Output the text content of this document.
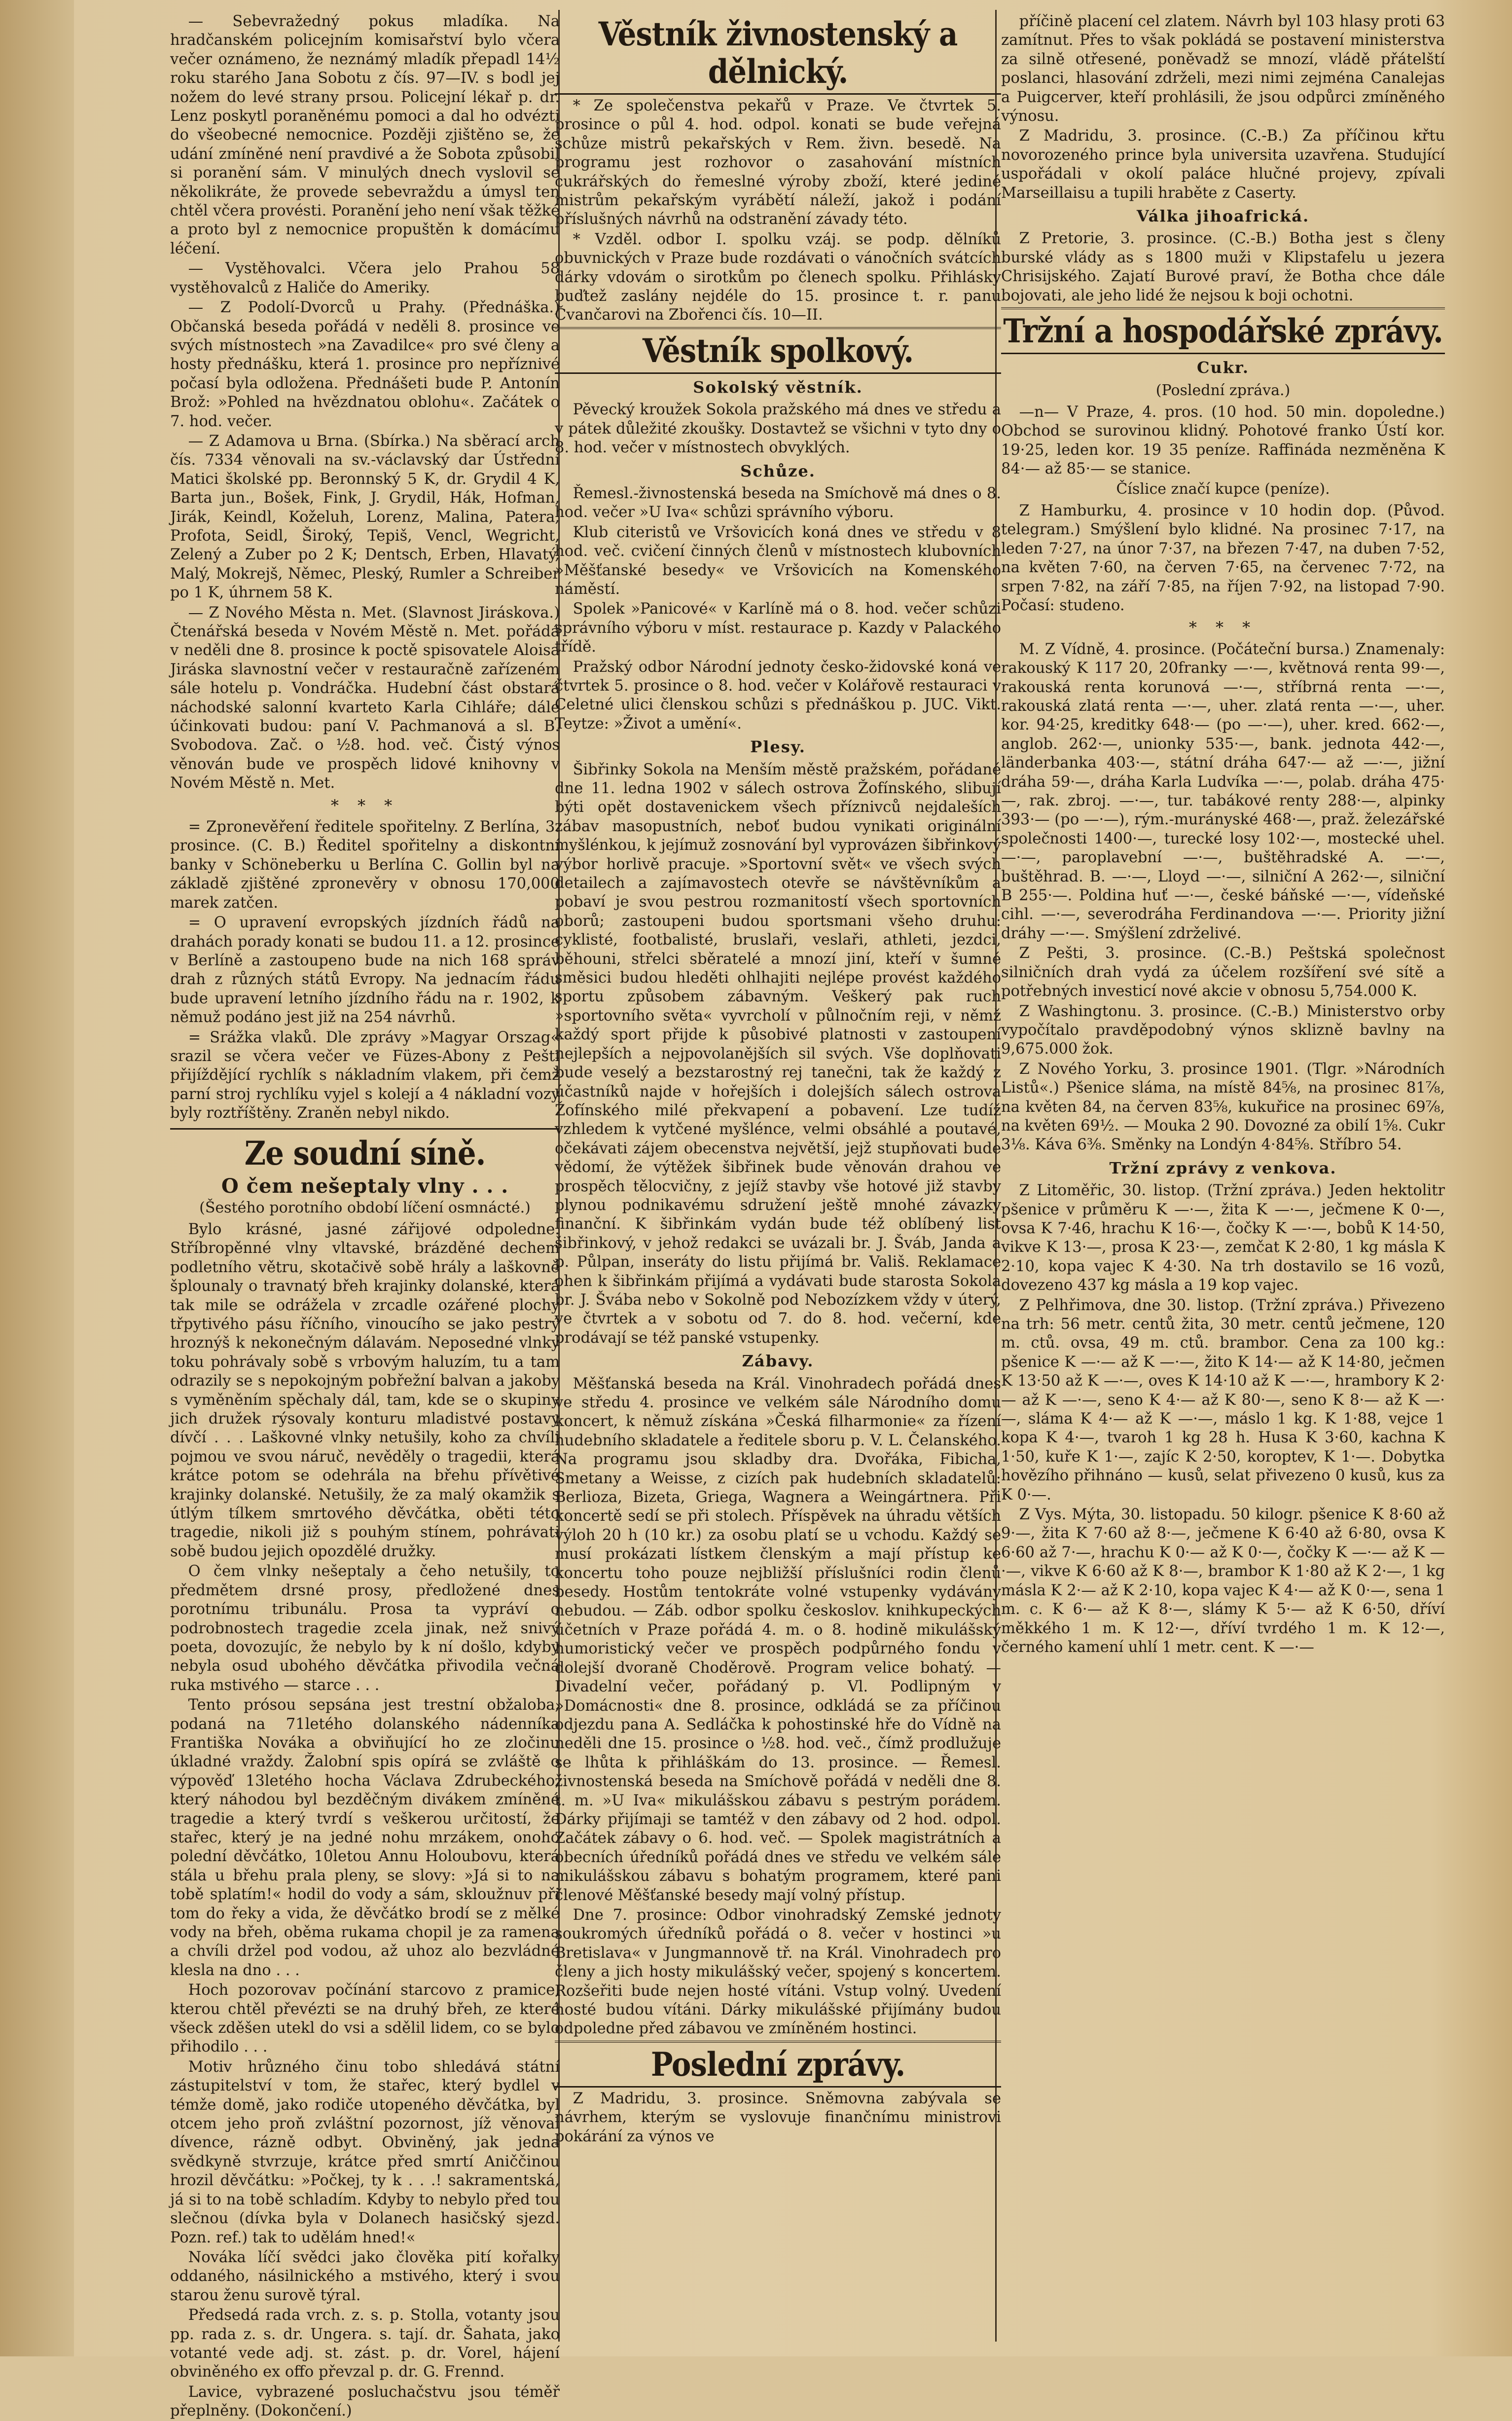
— Sebevražedný pokus mladíka. Na hradčanském policejním komisařství bylo včera večer oznámeno, že neznámý mladík přepadl 14½ roku starého Jana Sobotu z čís. 97—IV. s bodl jej nožem do levé strany prsou. Policejní lékař p. dr. Lenz poskytl poraněnému pomoci a dal ho odvézti do všeobecné nemocnice. Později zjištěno se, že udání zmíněné není pravdivé a že Sobota způsobil si poranění sám. V minulých dnech vyslovil se několikráte, že provede sebevraždu a úmysl ten chtěl včera provésti. Poranění jeho není však těžké a proto byl z nemocnice propuštěn k domácímu léčení.

— Vystěhovalci. Včera jelo Prahou 58 vystěhovalců z Haliče do Ameriky.

— Z Podolí-Dvorců u Prahy. (Přednáška.) Občanská beseda pořádá v neděli 8. prosince ve svých místnostech »na Zavadilce« pro své členy a hosty přednášku, která 1. prosince pro nepříznivé počasí byla odložena. Přednášeti bude P. Antonín Brož: »Pohled na hvězdnatou oblohu«. Začátek o 7. hod. večer.

— Z Adamova u Brna. (Sbírka.) Na sběrací arch čís. 7334 věnovali na sv.-václavský dar Ústřední Matici školské pp. Beronnský 5 K, dr. Grydil 4 K, Barta jun., Bošek, Fink, J. Grydil, Hák, Hofman, Jirák, Keindl, Koželuh, Lorenz, Malina, Patera, Profota, Seidl, Široký, Tepiš, Vencl, Wegricht, Zelený a Zuber po 2 K; Dentsch, Erben, Hlavatý, Malý, Mokrejš, Němec, Pleský, Rumler a Schreiber po 1 K, úhrnem 58 K.

— Z Nového Města n. Met. (Slavnost Jiráskova.) Čtenářská beseda v Novém Městě n. Met. pořádá v neděli dne 8. prosince k poctě spisovatele Aloisa Jiráska slavnostní večer v restauračně zařízeném sále hotelu p. Vondráčka. Hudební část obstará náchodské salonní kvarteto Karla Cihláře; dále účinkovati budou: paní V. Pachmanová a sl. B. Svobodova. Zač. o ½8. hod. več. Čistý výnos věnován bude ve prospěch lidové knihovny v Novém Městě n. Met.

* * *

= Zpronevěření ředitele spořitelny. Z Berlína, 3. prosince. (C. B.) Ředitel spořitelny a diskontní banky v Schöneberku u Berlína C. Gollin byl na základě zjištěné zpronevěry v obnosu 170,000 marek zatčen.

= O upravení evropských jízdních řádů na drahách porady konati se budou 11. a 12. prosince v Berlíně a zastoupeno bude na nich 168 správ drah z různých států Evropy. Na jednacím řádu bude upravení letního jízdního řádu na r. 1902, k němuž podáno jest již na 254 návrhů.

= Srážka vlaků. Dle zprávy »Magyar Orszag« srazil se včera večer ve Füzes-Abony z Pešti přijíždějící rychlík s nákladním vlakem, při čemž parní stroj rychlíku vyjel s kolejí a 4 nákladní vozy byly roztříštěny. Zraněn nebyl nikdo.

Ze soudní síně.
O čem nešeptaly vlny . . .
(Šestého porotního období líčení osmnácté.)

Bylo krásné, jasné zářijové odpoledne. Stříbropěnné vlny vltavské, brázděné dechem podletního větru, skotačivě sobě hrály a laškovně šplounaly o travnatý břeh krajinky dolanské, která tak mile se odrážela v zrcadle ozářené plochy třpytivého pásu říčního, vinoucího se jako pestrý hroznýš k nekonečným dálavám. Neposedné vlnky toku pohrávaly sobě s vrbovým haluzím, tu a tam odrazily se s nepokojným pobřežní balvan a jakoby s vyměněním spěchaly dál, tam, kde se o skupiny jich družek rýsovaly konturu mladistvé postavy dívčí . . . Laškovné vlnky netušily, koho za chvíli pojmou ve svou náruč, nevěděly o tragedii, která krátce potom se odehrála na břehu přívětivé krajinky dolanské. Netušily, že za malý okamžik s útlým tílkem smrtového děvčátka, oběti této tragedie, nikoli již s pouhým stínem, pohrávati sobě budou jejich opozdělé družky.

O čem vlnky nešeptaly a čeho netušily, to předmětem drsné prosy, předložené dnes porotnímu tribunálu. Prosa ta vypráví o podrobnostech tragedie zcela jinak, než snivý poeta, dovozujíc, že nebylo by k ní došlo, kdyby nebyla osud ubohého děvčátka přivodila večná ruka mstivého — starce . . .

Tento prósou sepsána jest trestní obžaloba, podaná na 71letého dolanského nádenníka Františka Nováka a obviňující ho ze zločinu úkladné vraždy. Žalobní spis opírá se zvláště o výpověď 13letého hocha Václava Zdrubeckého, který náhodou byl bezděčným divákem zmíněné tragedie a který tvrdí s veškerou určitostí, že stařec, který je na jedné nohu mrzákem, onoho polední děvčátko, 10letou Annu Holoubovu, která stála u břehu prala pleny, se slovy: »Já si to na tobě splatím!« hodil do vody a sám, skloužnuv při tom do řeky a vida, že děvčátko brodí se z mělké vody na břeh, oběma rukama chopil je za ramena a chvíli držel pod vodou, až uhoz alo bezvládné klesla na dno . . .

Hoch pozorovav počínání starcovo z pramice, kterou chtěl převézti se na druhý břeh, ze které všeck zděšen utekl do vsi a sdělil lidem, co se bylo přihodilo . . .

Motiv hrůzného činu tobo shledává státní zástupitelství v tom, že stařec, který bydlel v témže domě, jako rodiče utopeného děvčátka, byl otcem jeho proň zvláštní pozornost, jíž věnoval dívence, rázně odbyt. Obviněný, jak jedna svědkyně stvrzuje, krátce před smrtí Aniččinou hrozil děvčátku: »Počkej, ty k . . .! sakramentská, já si to na tobě schladím. Kdyby to nebylo před tou slečnou (dívka byla v Dolanech hasičský sjezd. Pozn. ref.) tak to udělám hned!«

Nováka líčí svědci jako člověka pití kořalky oddaného, násilnického a mstivého, který i svou starou ženu surově týral.

Předsedá rada vrch. z. s. p. Stolla, votanty jsou pp. rada z. s. dr. Ungera. s. tají. dr. Šahata, jako votanté vede adj. st. zást. p. dr. Vorel, hájení obviněného ex offo převzal p. dr. G. Frennd.

Lavice, vybrazené posluchačstvu jsou téměř přeplněny. (Dokončení.)

Věstník živnostenský a dělnický.

* Ze společenstva pekařů v Praze. Ve čtvrtek 5. prosince o půl 4. hod. odpol. konati se bude veřejná schůze mistrů pekařských v Rem. živn. besedě. Na programu jest rozhovor o zasahování místních cukrářských do řemeslné výroby zboží, které jediné mistrům pekařským vyrábětí náleží, jakož i podání příslušných návrhů na odstranění závady této.

* Vzděl. odbor I. spolku vzáj. se podp. dělníků obuvnických v Praze bude rozdávati o vánočních svátcích dárky vdovám o sirotkům po členech spolku. Přihlásky buďtež zaslány nejdéle do 15. prosince t. r. panu Čvančarovi na Zbořenci čís. 10—II.

Věstník spolkový.
Sokolský věstník.

Pěvecký kroužek Sokola pražského má dnes ve středu a v pátek důležité zkoušky. Dostavtež se všichni v tyto dny o 8. hod. večer v místnostech obvyklých.

Schůze.

Řemesl.-živnostenská beseda na Smíchově má dnes o 8. hod. večer »U Iva« schůzi správního výboru.

Klub citeristů ve Vršovicích koná dnes ve středu v 8 hod. več. cvičení činných členů v místnostech klubovních »Měšťanské besedy« ve Vršovicích na Komenského náměstí.

Spolek »Panicové« v Karlíně má o 8. hod. večer schůzi správního výboru v míst. restaurace p. Kazdy v Palackého třídě.

Pražský odbor Národní jednoty česko-židovské koná ve čtvrtek 5. prosince o 8. hod. večer v Kolářově restauraci v Celetné ulici členskou schůzi s přednáškou p. JUC. Vikt. Teytze: »Život a umění«.

Plesy.

Šibřinky Sokola na Menším městě pražském, pořádané dne 11. ledna 1902 v sálech ostrova Žofínského, slibují býti opět dostavenickem všech příznivců nejdaleších zábav masopustních, neboť budou vynikati originální myšlénkou, k jejímuž zosnování byl vyprovázen šibřinkový výbor horlivě pracuje. »Sportovní svět« ve všech svých detailech a zajímavostech otevře se návštěvníkům a pobaví je svou pestrou rozmanitostí všech sportovních oborů; zastoupeni budou sportsmani všeho druhu: cyklisté, footbalisté, bruslaři, veslaři, athleti, jezdci, běhouni, střelci sběratelé a mnozí jiní, kteří v šumné směsici budou hleděti ohlhajiti nejlépe provést každého sportu způsobem zábavným. Veškerý pak ruch »sportovního světa« vyvrcholí v půlnočním reji, v němž každý sport přijde k působivé platnosti v zastoupení nejlepších a nejpovolanějších sil svých. Vše doplňovati bude veselý a bezstarostný rej tanečni, tak že každý z účastníků najde v hořejších i dolejších sálech ostrova Žofínského milé překvapení a pobavení. Lze tudíž vzhledem k vytčené myšlénce, velmi obsáhlé a poutavé, očekávati zájem obecenstva největší, jejž stupňovati bude vědomí, že výtěžek šibřinek bude věnován drahou ve prospěch tělocvičny, z jejíž stavby vše hotové již stavby plynou podnikavému sdružení ještě mnohé závazky finanční. K šibřinkám vydán bude též oblíbený list šibřinkový, v jehož redakci se uvázali br. J. Šváb, Janda a p. Půlpan, inseráty do listu přijímá br. Vališ. Reklamace ohen k šibřinkám přijímá a vydávati bude starosta Sokola br. J. Švába nebo v Sokolně pod Nebozízkem vždy v úterý, ve čtvrtek a v sobotu od 7. do 8. hod. večerní, kde prodávají se též panské vstupenky.

Zábavy.

Měšťanská beseda na Král. Vinohradech pořádá dnes ve středu 4. prosince ve velkém sále Národního domu koncert, k němuž získána »Česká filharmonie« za řízení hudebního skladatele a ředitele sboru p. V. L. Čelanského. Na programu jsou skladby dra. Dvořáka, Fibicha, Smetany a Weisse, z cizích pak hudebních skladatelů: Berlioza, Bizeta, Griega, Wagnera a Weingártnera. Při koncertě sedí se při stolech. Příspěvek na úhradu větších výloh 20 h (10 kr.) za osobu platí se u vchodu. Každý se musí prokázati lístkem členským a mají přístup ke koncertu toho pouze nejbližší příslušníci rodin členů besedy. Hostům tentokráte volné vstupenky vydávány nebudou. — Záb. odbor spolku českoslov. knihkupeckých účetních v Praze pořádá 4. m. o 8. hodině mikulášský humoristický večer ve prospěch podpůrného fondu v dolejší dvoraně Choděrově. Program velice bohatý. — Divadelní večer, pořádaný p. Vl. Podlipným v »Domácnosti« dne 8. prosince, odkládá se za příčinou odjezdu pana A. Sedláčka k pohostinské hře do Vídně na neděli dne 15. prosince o ½8. hod. več., čímž prodlužuje se lhůta k přihláškám do 13. prosince. — Řemesl. živnostenská beseda na Smíchově pořádá v neděli dne 8. t. m. »U Iva« mikulášskou zábavu s pestrým porádem. Dárky přijímaji se tamtéž v den zábavy od 2 hod. odpol. Začátek zábavy o 6. hod. več. — Spolek magistrátních a obecních úředníků pořádá dnes ve středu ve velkém sále mikulášskou zábavu s bohatým programem, které pani členové Měšťanské besedy mají volný přístup.

Dne 7. prosince: Odbor vinohradský Zemské jednoty soukromých úředníků pořádá o 8. večer v hostinci »u Bretislava« v Jungmannově tř. na Král. Vinohradech pro členy a jich hosty mikulášský večer, spojený s koncertem. Rozšeřiti bude nejen hosté vítáni. Vstup volný. Uvedení hosté budou vítáni. Dárky mikulášské přijímány budou odpoledne před zábavou ve zmíněném hostinci.

Poslední zprávy.

Z Madridu, 3. prosince. Sněmovna zabývala se návrhem, kterým se vyslovuje finančnímu ministrovi pokárání za výnos ve

příčině placení cel zlatem. Návrh byl 103 hlasy proti 63 zamítnut. Přes to však pokládá se postavení ministerstva za silně otřesené, poněvadž se mnozí, vládě přátelští poslanci, hlasování zdrželi, mezi nimi zejména Canalejas a Puigcerver, kteří prohlásili, že jsou odpůrci zmíněného výnosu.

Z Madridu, 3. prosince. (C.-B.) Za příčinou křtu novorozeného prince byla universita uzavřena. Studující uspořádali v okolí paláce hlučné projevy, zpívali Marseillaisu a tupili hraběte z Caserty.

Válka jihoafrická.

Z Pretorie, 3. prosince. (C.-B.) Botha jest s členy burské vlády as s 1800 muži v Klipstafelu u jezera Chrisijského. Zajatí Burové praví, že Botha chce dále bojovati, ale jeho lidé že nejsou k boji ochotni.

Tržní a hospodářské zprávy.
Cukr.
(Poslední zpráva.)

—n— V Praze, 4. pros. (10 hod. 50 min. dopoledne.) Obchod se surovinou klidný. Pohotové franko Ústí kor. 19·25, leden kor. 19 35 peníze. Raffináda nezměněna K 84·— až 85·— se stanice.

Číslice značí kupce (peníze).

Z Hamburku, 4. prosince v 10 hodin dop. (Původ. telegram.) Smýšlení bylo klidné. Na prosinec 7·17, na leden 7·27, na únor 7·37, na březen 7·47, na duben 7·52, na květen 7·60, na červen 7·65, na červenec 7·72, na srpen 7·82, na září 7·85, na říjen 7·92, na listopad 7·90. Počasí: studeno.

* * *

M. Z Vídně, 4. prosince. (Počáteční bursa.) Znamenaly: rakouský K 117 20, 20franky —·—, květnová renta 99·—, rakouská renta korunová —·—, stříbrná renta —·—, rakouská zlatá renta —·—, uher. zlatá renta —·—, uher. kor. 94·25, kreditky 648·— (po —·—), uher. kred. 662·—, anglob. 262·—, unionky 535·—, bank. jednota 442·—, länderbanka 403·—, státní dráha 647·— až —·—, jižní dráha 59·—, dráha Karla Ludvíka —·—, polab. dráha 475·—, rak. zbroj. —·—, tur. tabákové renty 288·—, alpinky 393·— (po —·—), rým.-murányské 468·—, praž. železářské společnosti 1400·—, turecké losy 102·—, mostecké uhel. —·—, paroplavební —·—, buštěhradské A. —·—, buštěhrad. B. —·—, Lloyd —·—, silniční A 262·—, silniční B 255·—. Poldina huť —·—, české báňské —·—, vídeňské cihl. —·—, severodráha Ferdinandova —·—. Priority jižní dráhy —·—. Smýšlení zdrželivé.

Z Pešti, 3. prosince. (C.-B.) Peštská společnost silničních drah vydá za účelem rozšíření své sítě a potřebných investicí nové akcie v obnosu 5,754.000 K.

Z Washingtonu. 3. prosince. (C.-B.) Ministerstvo orby vypočítalo pravděpodobný výnos sklizně bavlny na 9,675.000 žok.

Z Nového Yorku, 3. prosince 1901. (Tlgr. »Národních Listů«.) Pšenice sláma, na místě 84⅝, na prosinec 81⅞, na květen 84, na červen 83⅝, kukuřice na prosinec 69⅞, na květen 69½. — Mouka 2 90. Dovozné za obilí 1⅝. Cukr 3⅛. Káva 6⅜. Směnky na Londýn 4·84⅝. Stříbro 54.

Tržní zprávy z venkova.

Z Litoměřic, 30. listop. (Tržní zpráva.) Jeden hektolitr pšenice v průměru K —·—, žita K —·—, ječmene K 0·—, ovsa K 7·46, hrachu K 16·—, čočky K —·—, bobů K 14·50, vikve K 13·—, prosa K 23·—, zemčat K 2·80, 1 kg másla K 2·10, kopa vajec K 4·30. Na trh dostavilo se 16 vozů, dovezeno 437 kg másla a 19 kop vajec.

Z Pelhřimova, dne 30. listop. (Tržní zpráva.) Přivezeno na trh: 56 metr. centů žita, 30 metr. centů ječmene, 120 m. ctů. ovsa, 49 m. ctů. brambor. Cena za 100 kg.: pšenice K —·— až K —·—, žito K 14·— až K 14·80, ječmen K 13·50 až K —·—, oves K 14·10 až K —·—, hrambory K 2·— až K —·—, seno K 4·— až K 80·—, seno K 8·— až K —·—, sláma K 4·— až K —·—, máslo 1 kg. K 1·88, vejce 1 kopa K 4·—, tvaroh 1 kg 28 h. Husa K 3·60, kachna K 1·50, kuře K 1·—, zajíc K 2·50, koroptev, K 1·—. Dobytka hovězího přihnáno — kusů, selat přivezeno 0 kusů, kus za K 0·—.

Z Vys. Mýta, 30. listopadu. 50 kilogr. pšenice K 8·60 až 9·—, žita K 7·60 až 8·—, ječmene K 6·40 až 6·80, ovsa K 6·60 až 7·—, hrachu K 0·— až K 0·—, čočky K —·— až K —·—, vikve K 6·60 až K 8·—, brambor K 1·80 až K 2·—, 1 kg másla K 2·— až K 2·10, kopa vajec K 4·— až K 0·—, sena 1 m. c. K 6·— až K 8·—, slámy K 5·— až K 6·50, dříví měkkého 1 m. K 12·—, dříví tvrdého 1 m. K 12·—, černého kamení uhlí 1 metr. cent. K —·—
